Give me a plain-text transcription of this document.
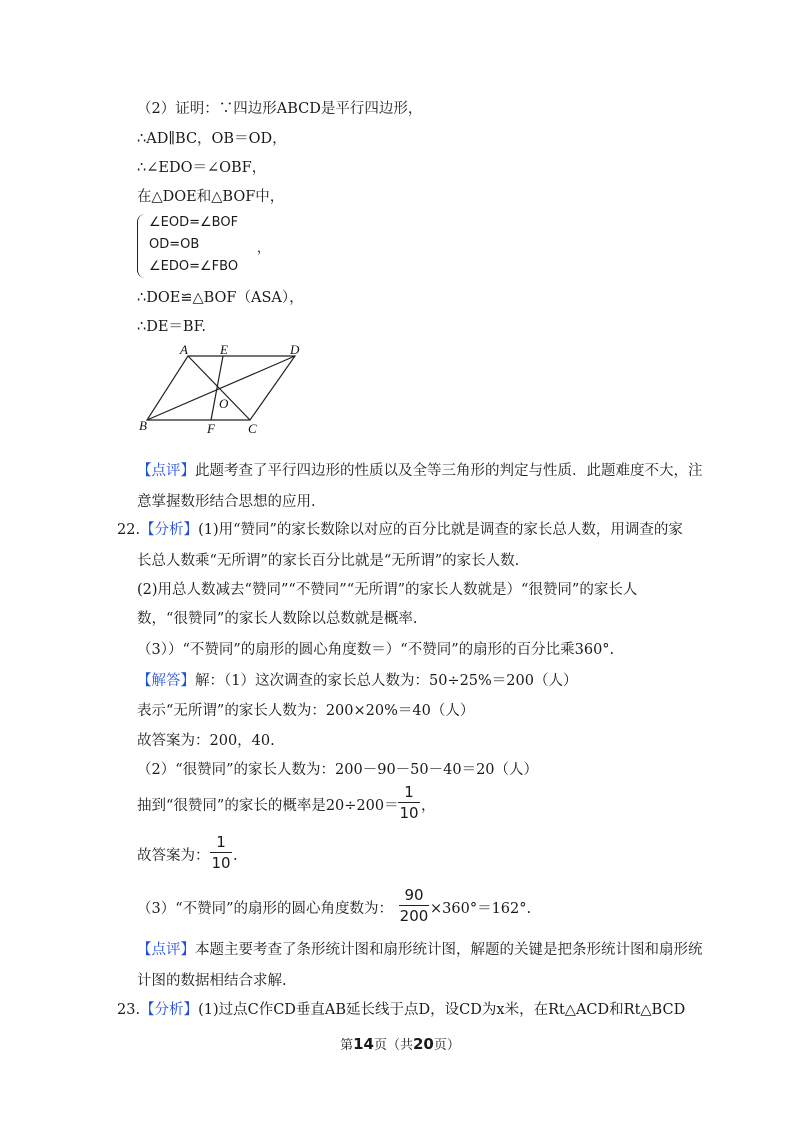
（2）证明：∵四边形ABCD是平行四边形，
∴AD∥BC，OB＝OD，
∴∠EDO＝∠OBF，
在△DOE和△BOF中，
∠EOD=∠BOF
OD=OB	，
∠EDO=∠FBO
∴DOE≌△BOF（ASA），
∴DE＝BF.
A E	D
O
B	F	C
【点评】此题考查了平行四边形的性质以及全等三角形的判定与性质．此题难度不大，注
意掌握数形结合思想的应用.
22.【分析】(1)用“赞同”的家长数除以对应的百分比就是调查的家长总人数，用调查的家
长总人数乘“无所谓”的家长百分比就是“无所谓”的家长人数.
(2)用总人数减去“赞同”“不赞同”“无所谓”的家长人数就是）“很赞同”的家长人
数，“很赞同”的家长人数除以总数就是概率.
（3））“不赞同”的扇形的圆心角度数＝）“不赞同”的扇形的百分比乘360°.
【解答】解：（1）这次调查的家长总人数为：50÷25%＝200（人）
表示“无所谓”的家长人数为：200×20%＝40（人）
故答案为：200，40.
（2）“很赞同”的家长人数为：200－90－50－40＝20（人）
抽到“很赞同”的家长的概率是20÷200＝
1
10 ，
故答案为：
1
10 .
（3）“不赞同”的扇形的圆心角度数为：
90
200 ×360°＝162°.
【点评】本题主要考查了条形统计图和扇形统计图，解题的关键是把条形统计图和扇形统
计图的数据相结合求解.
23.【分析】(1)过点C作CD垂直AB延长线于点D，设CD为x米，在Rt△ACD和Rt△BCD
第14页（共20页）
